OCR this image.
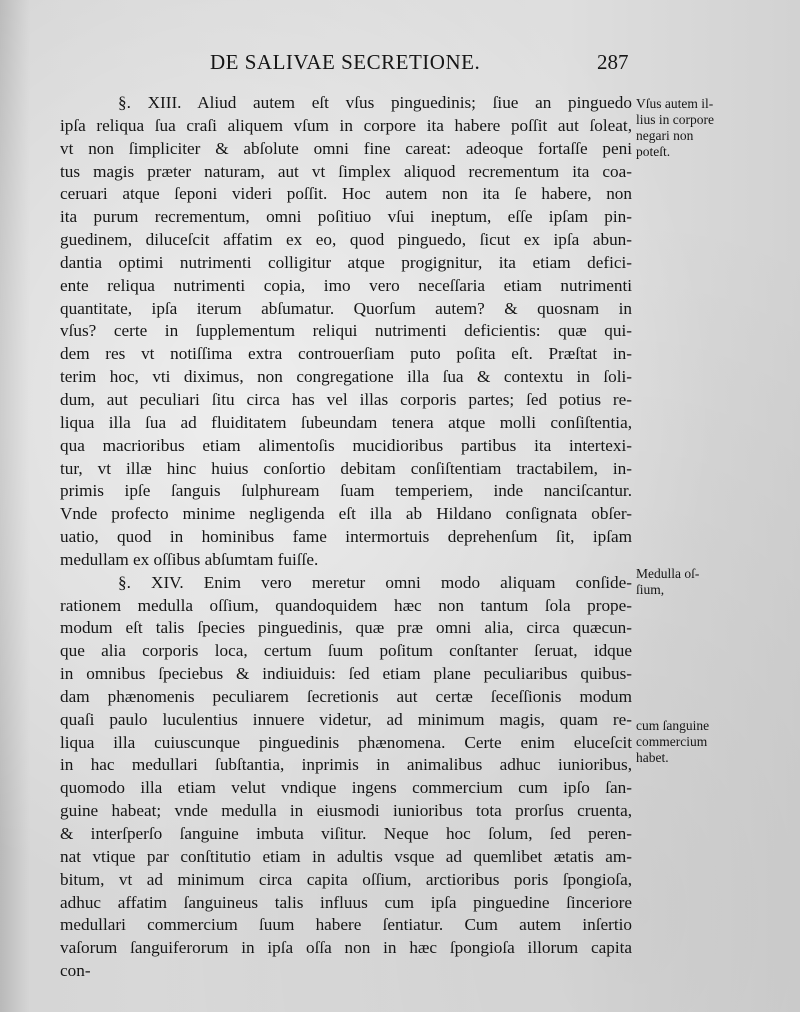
DE SALIVAE SECRETIONE.	287
§. XIII. Aliud autem eſt vſus pinguedinis; ſiue an pinguedo
ipſa reliqua ſua craſi aliquem vſum in corpore ita habere poſſit aut ſoleat,
vt non ſimpliciter & abſolute omni fine careat: adeoque fortaſſe peni
tus magis præter naturam, aut vt ſimplex aliquod recrementum ita coa-
ceruari atque ſeponi videri poſſit. Hoc autem non ita ſe habere, non
ita purum recrementum, omni poſitiuo vſui ineptum, eſſe ipſam pin-
guedinem, diluceſcit affatim ex eo, quod pinguedo, ſicut ex ipſa abun-
dantia optimi nutrimenti colligitur atque progignitur, ita etiam defici-
ente reliqua nutrimenti copia, imo vero neceſſaria etiam nutrimenti
quantitate, ipſa iterum abſumatur. Quorſum autem? & quosnam in
vſus? certe in ſupplementum reliqui nutrimenti deficientis: quæ qui-
dem res vt notiſſima extra controuerſiam puto poſita eſt. Præſtat in-
terim hoc, vti diximus, non congregatione illa ſua & contextu in ſoli-
dum, aut peculiari ſitu circa has vel illas corporis partes; ſed potius re-
liqua illa ſua ad fluiditatem ſubeundam tenera atque molli conſiſtentia,
qua macrioribus etiam alimentoſis mucidioribus partibus ita intertexi-
tur, vt illæ hinc huius conſortio debitam conſiſtentiam tractabilem, in-
primis ipſe ſanguis ſulphuream ſuam temperiem, inde nanciſcantur.
Vnde profecto minime negligenda eſt illa ab Hildano conſignata obſer-
uatio, quod in hominibus fame intermortuis deprehenſum ſit, ipſam
medullam ex oſſibus abſumtam fuiſſe.
§. XIV. Enim vero meretur omni modo aliquam conſide-
rationem medulla oſſium, quandoquidem hæc non tantum ſola prope-
modum eſt talis ſpecies pinguedinis, quæ præ omni alia, circa quæcun-
que alia corporis loca, certum ſuum poſitum conſtanter ſeruat, idque
in omnibus ſpeciebus & indiuiduis: ſed etiam plane peculiaribus quibus-
dam phænomenis peculiarem ſecretionis aut certæ ſeceſſionis modum
quaſi paulo luculentius innuere videtur, ad minimum magis, quam re-
liqua illa cuiuscunque pinguedinis phænomena. Certe enim eluceſcit
in hac medullari ſubſtantia, inprimis in animalibus adhuc iunioribus,
quomodo illa etiam velut vndique ingens commercium cum ipſo ſan-
guine habeat; vnde medulla in eiusmodi iunioribus tota prorſus cruenta,
& interſperſo ſanguine imbuta viſitur. Neque hoc ſolum, ſed peren-
nat vtique par conſtitutio etiam in adultis vsque ad quemlibet ætatis am-
bitum, vt ad minimum circa capita oſſium, arctioribus poris ſpongioſa,
adhuc affatim ſanguineus talis influus cum ipſa pinguedine ſinceriore
medullari commercium ſuum habere ſentiatur. Cum autem inſertio
vaſorum ſanguiferorum in ipſa oſſa non in hæc ſpongioſa illorum capita
con-
Vſus autem il-
lius in corpore
negari non
poteſt.
Medulla oſ-
ſium,
cum ſanguine
commercium
habet.
